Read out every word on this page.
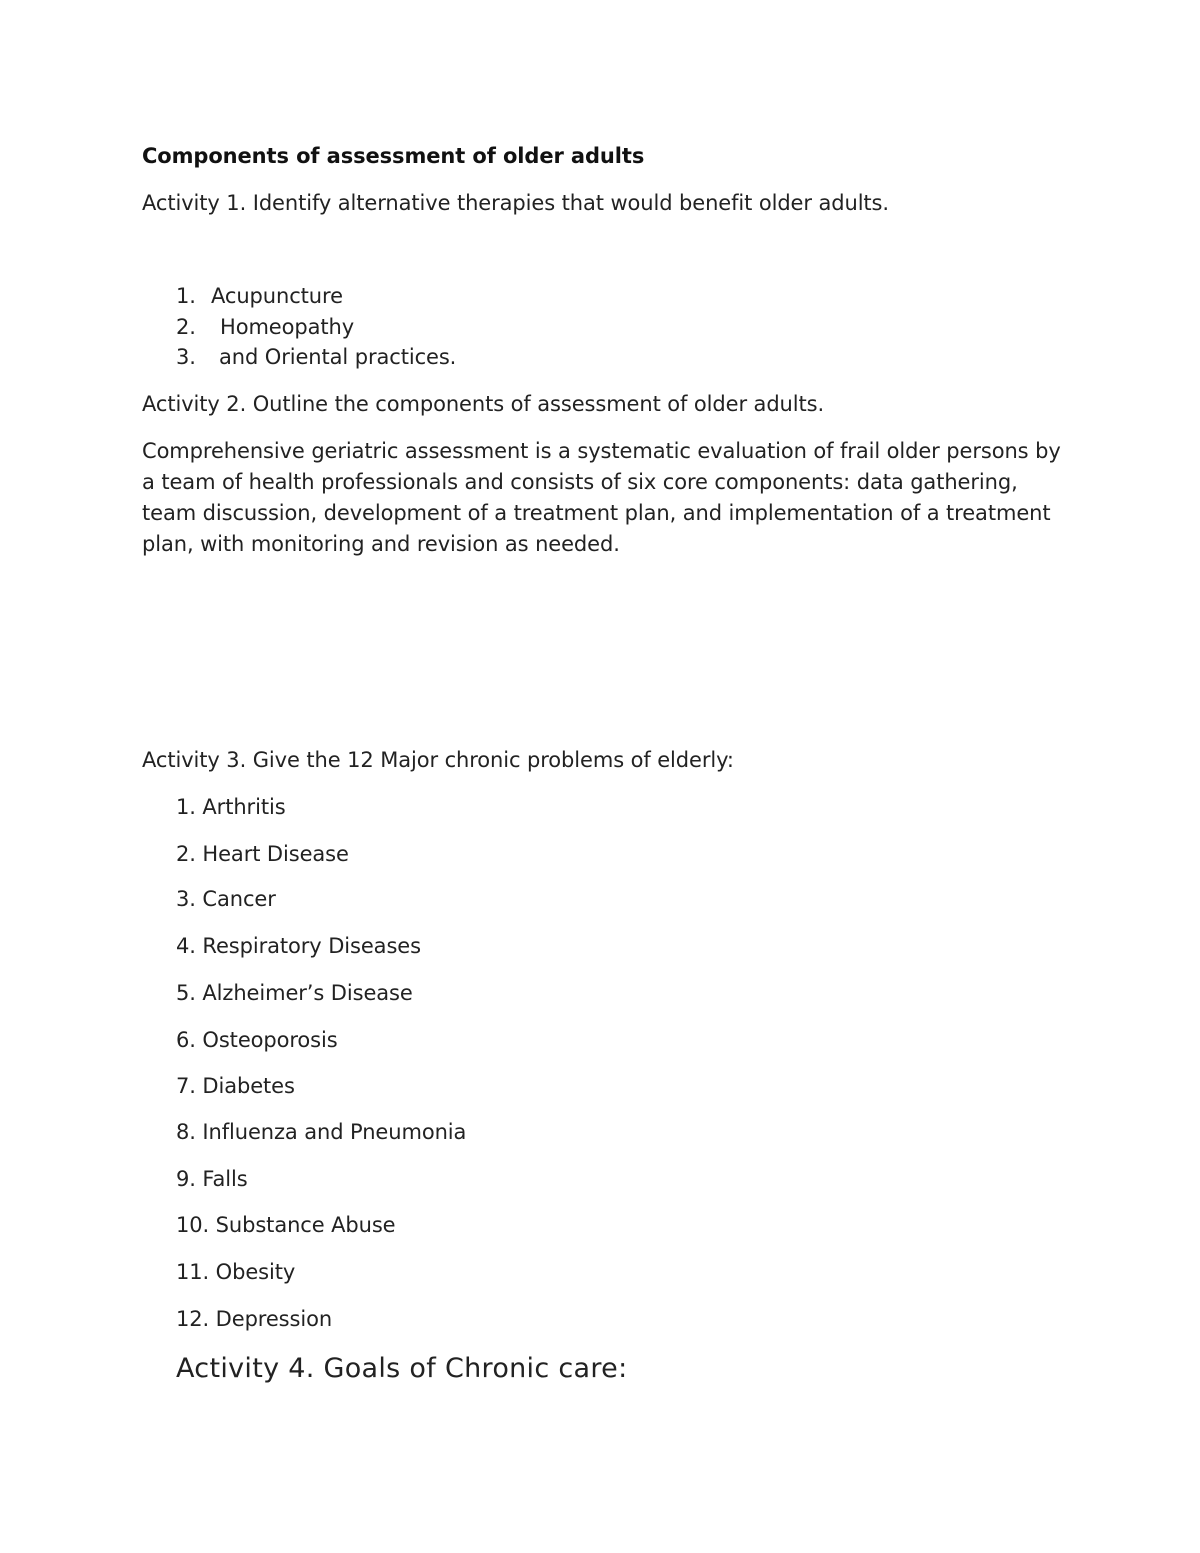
Components of assessment of older adults

Activity 1. Identify alternative therapies that would benefit older adults.

1. Acupuncture
2. Homeopathy
3. and Oriental practices.

Activity 2. Outline the components of assessment of older adults.

Comprehensive geriatric assessment is a systematic evaluation of frail older persons by a team of health professionals and consists of six core components: data gathering, team discussion, development of a treatment plan, and implementation of a treatment plan, with monitoring and revision as needed.

Activity 3. Give the 12 Major chronic problems of elderly:

1. Arthritis
2. Heart Disease
3. Cancer
4. Respiratory Diseases
5. Alzheimer’s Disease
6. Osteoporosis
7. Diabetes
8. Influenza and Pneumonia
9. Falls
10. Substance Abuse
11. Obesity
12. Depression

Activity 4. Goals of Chronic care:
